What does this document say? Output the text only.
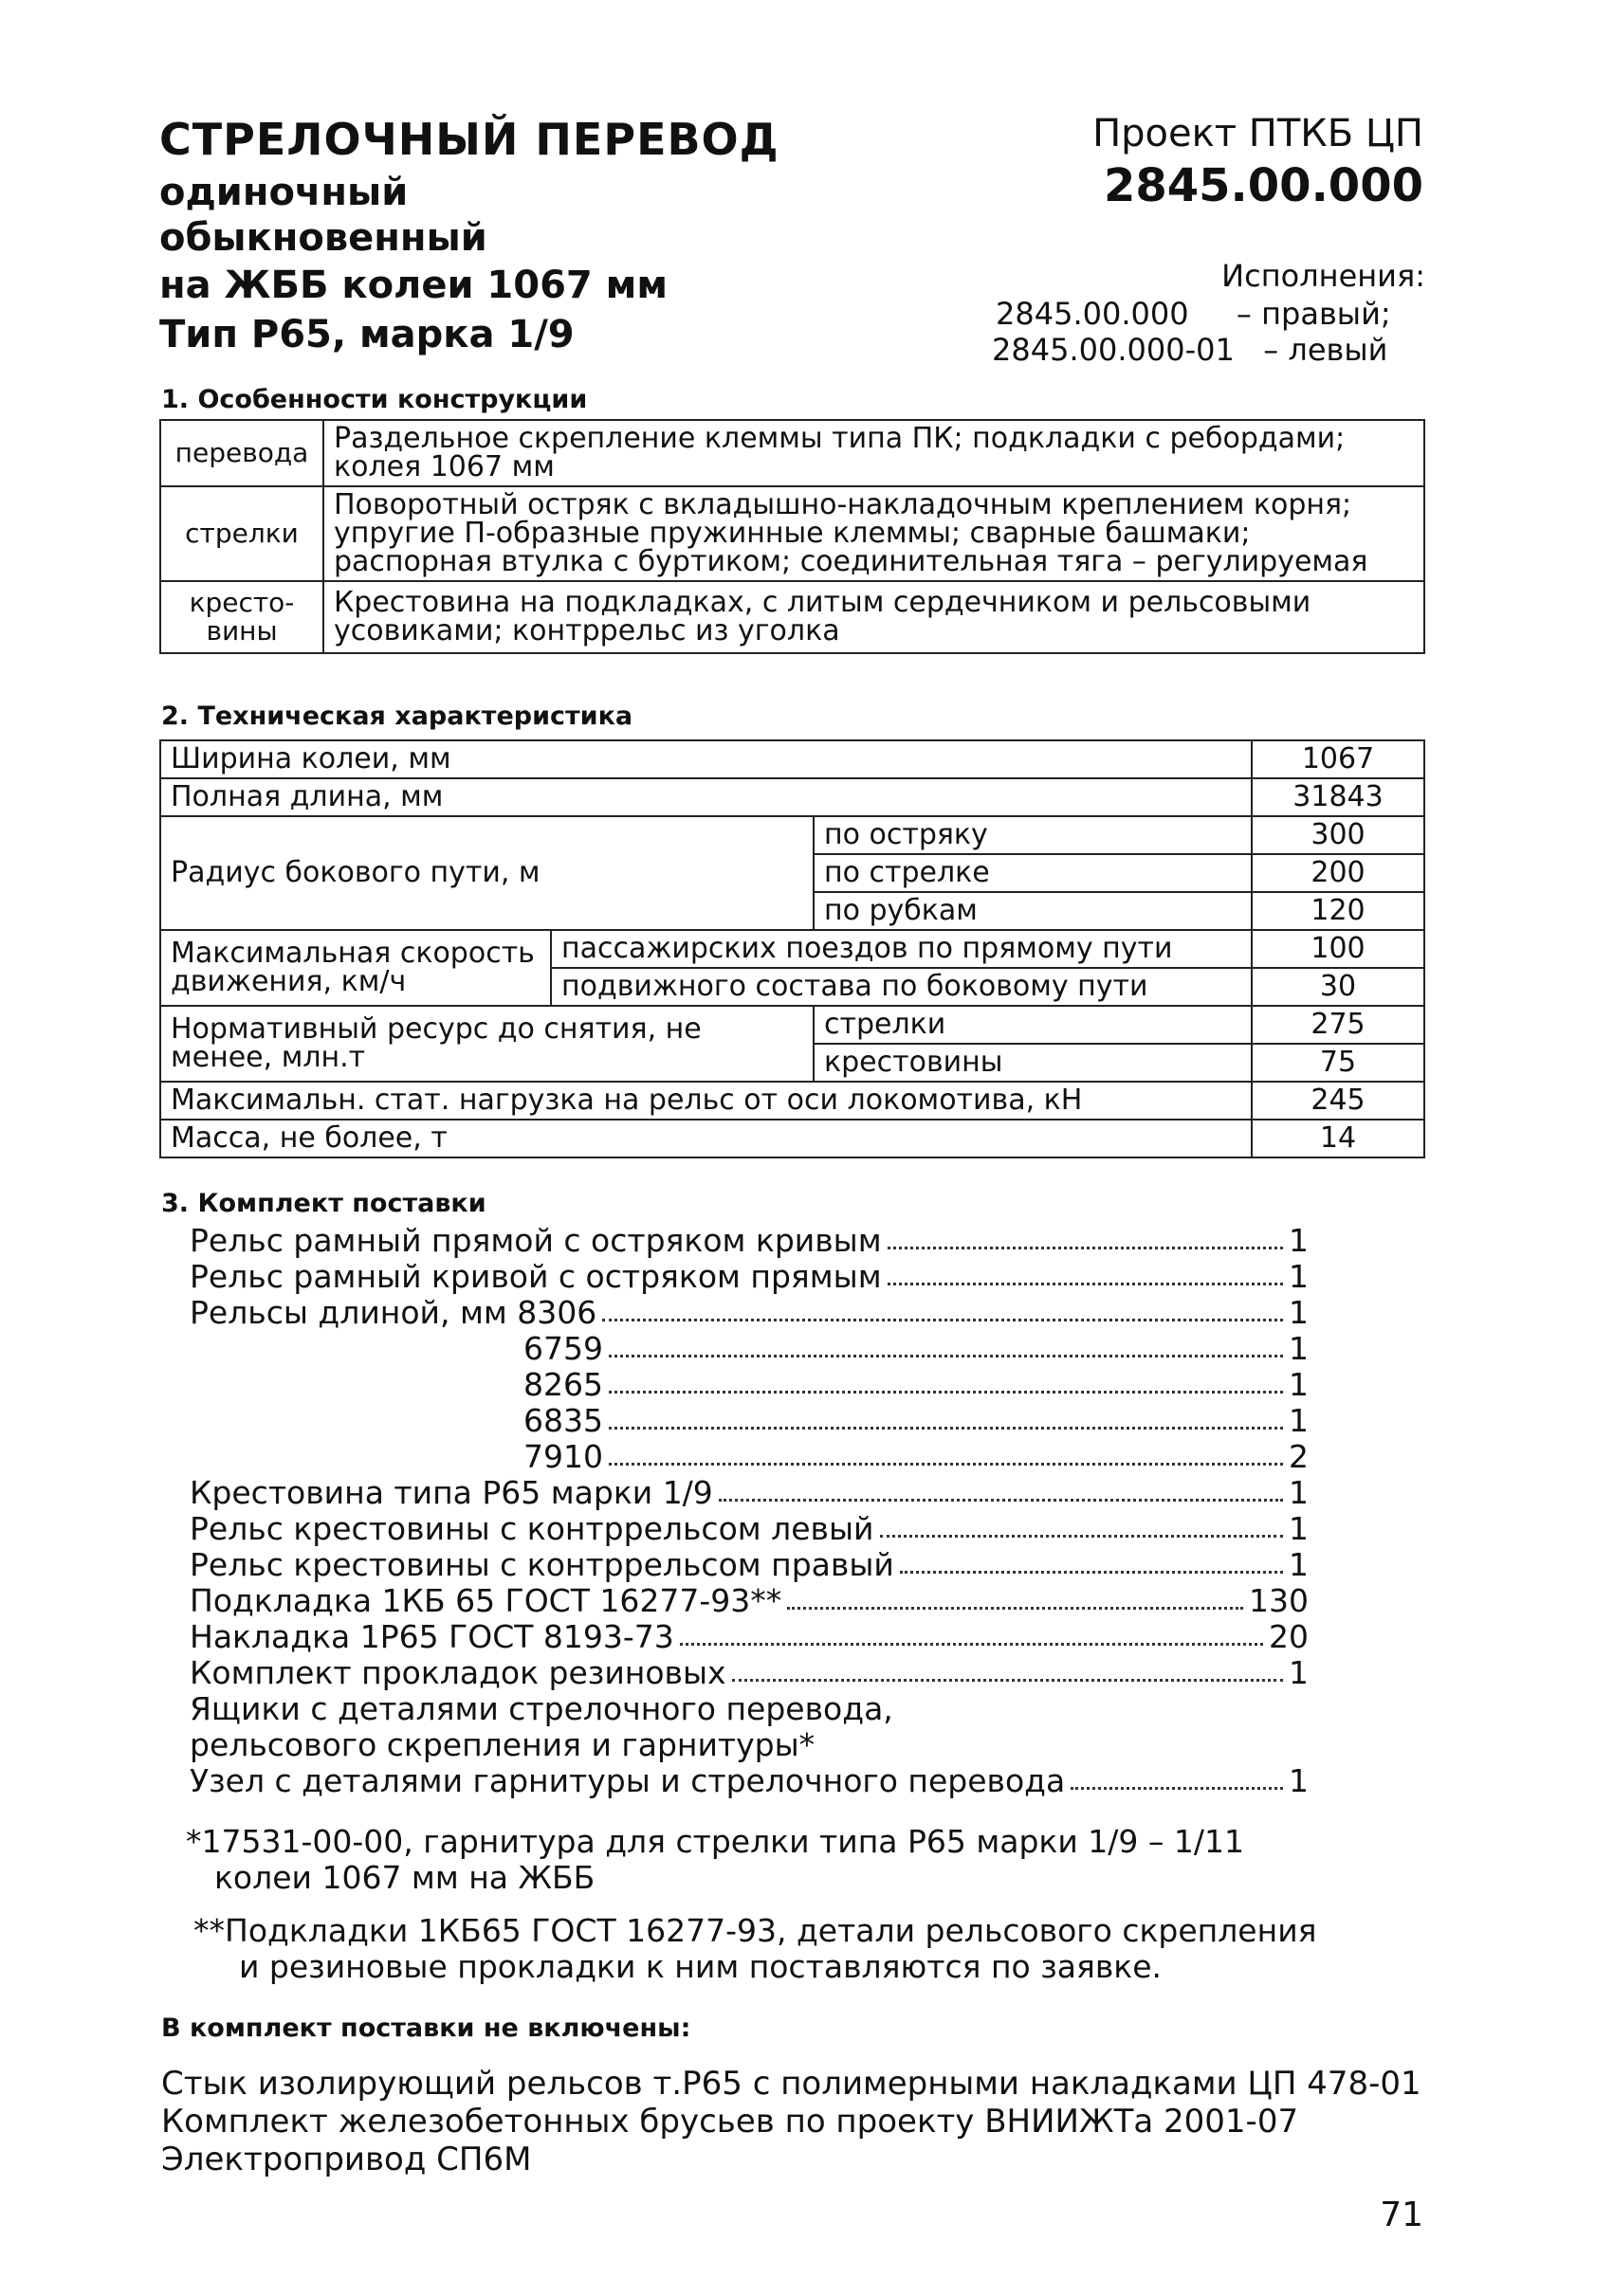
СТРЕЛОЧНЫЙ ПЕРЕВОД
одиночный
обыкновенный
на ЖББ колеи 1067 мм
Тип Р65, марка 1/9
Проект ПТКБ ЦП
2845.00.000
Исполнения:
2845.00.000 – правый;
2845.00.000-01 – левый
1. Особенности конструкции
перевода	Раздельное скрепление клеммы типа ПК; подкладки с ребордами; колея 1067 мм
стрелки	Поворотный остряк с вкладышно-накладочным креплением корня; упругие П-образные пружинные клеммы; сварные башмаки; распорная втулка с буртиком; соединительная тяга – регулируемая
кресто- вины	Крестовина на подкладках, с литым сердечником и рельсовыми усовиками; контррельс из уголка
2. Техническая характеристика
Ширина колеи, мм			1067
Полная длина, мм			31843
Радиус бокового пути, м		по остряку	300
		по стрелке	200
		по рубкам	120
Максимальная скорость движения, км/ч	пассажирских поездов по прямому пути		100
	подвижного состава по боковому пути		30
Нормативный ресурс до снятия, не менее, млн.т		стрелки	275
		крестовины	75
Максимальн. стат. нагрузка на рельс от оси локомотива, кН			245
Масса, не более, т			14
3. Комплект поставки
Рельс рамный прямой с остряком кривым	1
Рельс рамный кривой с остряком прямым	1
Рельсы длиной, мм 8306	1
6759	1
8265	1
6835	1
7910	2
Крестовина типа Р65 марки 1/9	1
Рельс крестовины с контррельсом левый	1
Рельс крестовины с контррельсом правый	1
Подкладка 1КБ 65 ГОСТ 16277-93**	130
Накладка 1Р65 ГОСТ 8193-73	20
Комплект прокладок резиновых	1
Ящики с деталями стрелочного перевода,
рельсового скрепления и гарнитуры*
Узел с деталями гарнитуры и стрелочного перевода	1
*17531-00-00, гарнитура для стрелки типа Р65 марки 1/9 – 1/11
колеи 1067 мм на ЖББ
**Подкладки 1КБ65 ГОСТ 16277-93, детали рельсового скрепления
и резиновые прокладки к ним поставляются по заявке.
В комплект поставки не включены:
Стык изолирующий рельсов т.Р65 с полимерными накладками ЦП 478-01
Комплект железобетонных брусьев по проекту ВНИИЖТа 2001-07
Электропривод СП6М
71
